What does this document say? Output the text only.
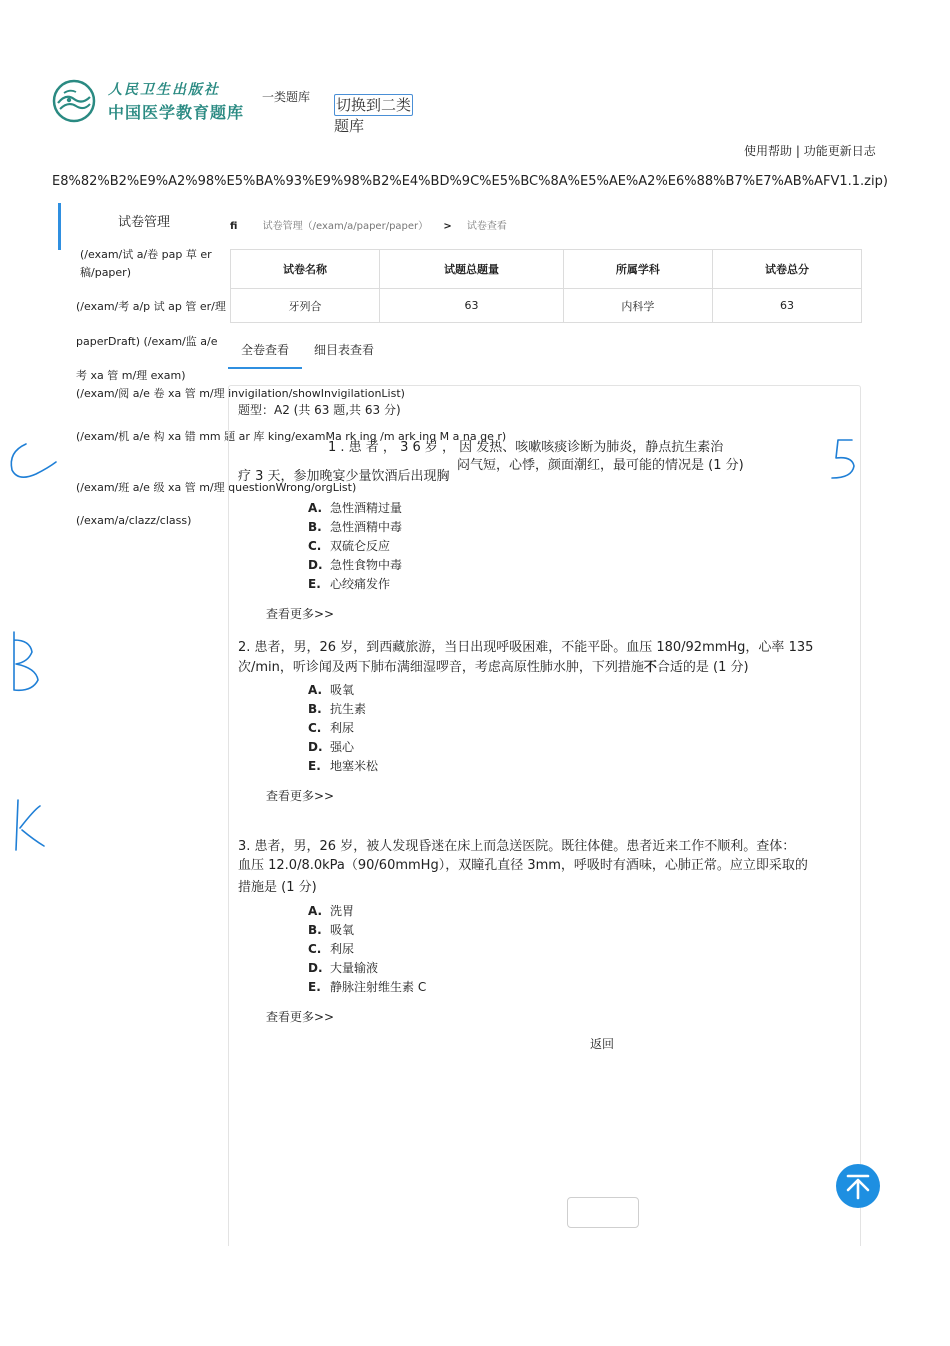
人民卫生出版社
中国医学教育题库
一类题库 切换到二类
题库
使用帮助 | 功能更新日志
E8%82%B2%E9%A2%98%E5%BA%93%E9%98%B2%E4%BD%9C%E5%BC%8A%E5%AE%A2%E6%88%B7%E7%AB%AFV1.1.zip)
试卷管理
(/exam/试 a/卷 pap 草 er
稿/paper)
(/exam/考 a/p 试 ap 管 er/理
paperDraft) (/exam/监 a/e
考 xa 管 m/理 exam)
(/exam/阅 a/e 卷 xa 管 m/理 invigilation/showInvigilationList)
(/exam/机 a/e 构 xa 错 mm 题 ar 库 king/examMa rk ing /m ark ing M a na ge r)
(/exam/班 a/e 级 xa 管 m/理 questionWrong/orgList)
(/exam/a/clazz/class)
fi	试卷管理（/exam/a/paper/paper） > 试卷查看
试卷名称	试题总题量	所属学科	试卷总分
牙列合	63	内科学	63
全卷查看 细目表查看
题型：A2 (共 63 题,共 63 分)
1 . 患 者 ， 3 6 岁 ， 因 发热、咳嗽咳痰诊断为肺炎，静点抗生素治
闷气短，心悸，颜面潮红，最可能的情况是 (1 分)
疗 3 天，参加晚宴少量饮酒后出现胸
A. 急性酒精过量
B. 急性酒精中毒
C. 双硫仑反应
D. 急性食物中毒
E. 心绞痛发作
查看更多>>
2. 患者，男，26 岁，到西藏旅游，当日出现呼吸困难，不能平卧。血压 180/92mmHg，心率 135
次/min，听诊闻及两下肺布满细湿啰音，考虑高原性肺水肿，下列措施不合适的是 (1 分)
A. 吸氧
B. 抗生素
C. 利尿
D. 强心
E. 地塞米松
查看更多>>
3. 患者，男，26 岁，被人发现昏迷在床上而急送医院。既往体健。患者近来工作不顺利。查体：
血压 12.0/8.0kPa（90/60mmHg），双瞳孔直径 3mm，呼吸时有酒味，心肺正常。应立即采取的
措施是 (1 分)
A. 洗胃
B. 吸氧
C. 利尿
D. 大量输液
E. 静脉注射维生素 C
查看更多>>
返回
